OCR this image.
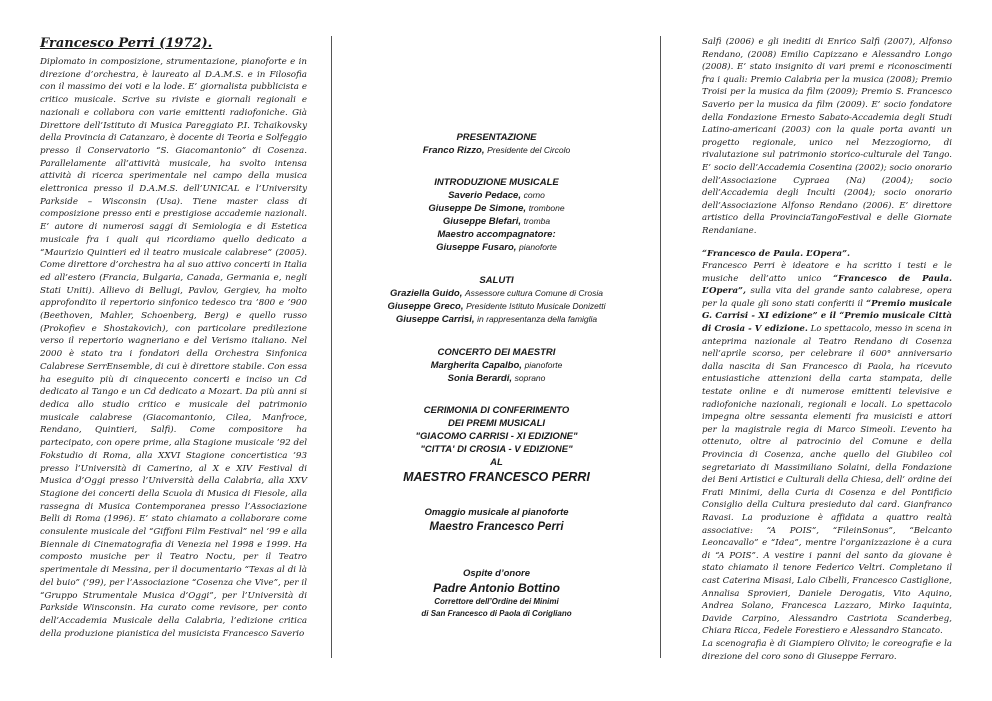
Francesco Perri (1972).

Diplomato in composizione, strumentazione, pianoforte e in direzione d’orchestra, è laureato al D.A.M.S. e in Filosofia con il massimo dei voti e la lode. E’ giornalista pubblicista e critico musicale. Scrive su riviste e giornali regionali e nazionali e collabora con varie emittenti radiofoniche. Già Direttore dell’Istituto di Musica Pareggiato P.I. Tchaikovsky della Provincia di Catanzaro, è docente di Teoria e Solfeggio presso il Conservatorio “S. Giacomantonio” di Cosenza. Parallelamente all’attività musicale, ha svolto intensa attività di ricerca sperimentale nel campo della musica elettronica presso il D.A.M.S. dell’UNICAL e l’University Parkside – Wisconsin (Usa). Tiene master class di composizione presso enti e prestigiose accademie nazionali. E’ autore di numerosi saggi di Semiologia e di Estetica musicale fra i quali qui ricordiamo quello dedicato a “Maurizio Quintieri ed il teatro musicale calabrese” (2005). Come direttore d’orchestra ha al suo attivo concerti in Italia ed all’estero (Francia, Bulgaria, Canada, Germania e, negli Stati Uniti). Allievo di Bellugi, Pavlov, Gergiev, ha molto approfondito il repertorio sinfonico tedesco tra ’800 e ’900 (Beethoven, Mahler, Schoenberg, Berg) e quello russo (Prokofiev e Shostakovich), con particolare predilezione verso il repertorio wagneriano e del Verismo italiano. Nel 2000 è stato tra i fondatori della Orchestra Sinfonica Calabrese SerrEnsemble, di cui è direttore stabile. Con essa ha eseguito più di cinquecento concerti e inciso un Cd dedicato al Tango e un Cd dedicato a Mozart. Da più anni si dedica allo studio critico e musicale del patrimonio musicale calabrese (Giacomantonio, Cilea, Manfroce, Rendano, Quintieri, Salfi). Come compositore ha partecipato, con opere prime, alla Stagione musicale ’92 del Fokstudio di Roma, alla XXVI Stagione concertistica ’93 presso l’Università di Camerino, al X e XIV Festival di Musica d’Oggi presso l’Università della Calabria, alla XXV Stagione dei concerti della Scuola di Musica di Fiesole, alla rassegna di Musica Contemporanea presso l’Associazione Belli di Roma (1996). E’ stato chiamato a collaborare come consulente musicale del “Giffoni Film Festival” nel ’99 e alla Biennale di Cinematografia di Venezia nel 1998 e 1999. Ha composto musiche per il Teatro Noctu, per il Teatro sperimentale di Messina, per il documentario “Texas al di là del buio” (’99), per l’Associazione “Cosenza che Vive”, per il “Gruppo Strumentale Musica d’Oggi”, per l’Università di Parkside Winsconsin. Ha curato come revisore, per conto dell’Accademia Musicale della Calabria, l’edizione critica della produzione pianistica del musicista Francesco Saverio

PRESENTAZIONE

Franco Rizzo, Presidente del Circolo

INTRODUZIONE MUSICALE

Saverio Pedace, corno

Giuseppe De Simone, trombone

Giuseppe Blefari, tromba

Maestro accompagnatore:

Giuseppe Fusaro, pianoforte

SALUTI

Graziella Guido, Assessore cultura Comune di Crosia

Giuseppe Greco, Presidente Istituto Musicale Donizetti

Giuseppe Carrisi, in rappresentanza della famiglia

CONCERTO DEI MAESTRI

Margherita Capalbo, pianoforte

Sonia Berardi, soprano

CERIMONIA DI CONFERIMENTO

DEI PREMI MUSICALI

"GIACOMO CARRISI - XI EDIZIONE"

"CITTA' DI CROSIA - V EDIZIONE"

AL

MAESTRO FRANCESCO PERRI

Omaggio musicale al pianoforte

Maestro Francesco Perri

Ospite d’onore

Padre Antonio Bottino

Correttore dell’Ordine dei Minimi

di San Francesco di Paola di Corigliano

Salfi (2006) e gli inediti di Enrico Salfi (2007), Alfonso Rendano, (2008) Emilio Capizzano e Alessandro Longo (2008). E’ stato insignito di vari premi e riconoscimenti fra i quali: Premio Calabria per la musica (2008); Premio Troisi per la musica da film (2009); Premio S. Francesco Saverio per la musica da film (2009). E’ socio fondatore della Fondazione Ernesto Sabato-Accademia degli Studi Latino-americani (2003) con la quale porta avanti un progetto regionale, unico nel Mezzogiorno, di rivalutazione sul patrimonio storico-culturale del Tango. E’ socio dell’Accademia Cosentina (2002); socio onorario dell’Associazione Cypraea (Na) (2004); socio dell’Accademia degli Inculti (2004); socio onorario dell’Associazione Alfonso Rendano (2006). E’ direttore artistico della ProvinciaTangoFestival e delle Giornate Rendaniane.

“Francesco de Paula. L’Opera”.

Francesco Perri è ideatore e ha scritto i testi e le musiche dell’atto unico “Francesco de Paula. L’Opera”, sulla vita del grande santo calabrese, opera per la quale gli sono stati conferiti il “Premio musicale G. Carrisi - XI edizione” e il “Premio musicale Città di Crosia - V edizione. Lo spettacolo, messo in scena in anteprima nazionale al Teatro Rendano di Cosenza nell’aprile scorso, per celebrare il 600° anniversario dalla nascita di San Francesco di Paola, ha ricevuto entusiastiche attenzioni della carta stampata, delle testate online e di numerose emittenti televisive e radiofoniche nazionali, regionali e locali. Lo spettacolo impegna oltre sessanta elementi fra musicisti e attori per la magistrale regia di Marco Simeoli. L’evento ha ottenuto, oltre al patrocinio del Comune e della Provincia di Cosenza, anche quello del Giubileo col segretariato di Massimiliano Solaini, della Fondazione dei Beni Artistici e Culturali della Chiesa, dell’ ordine dei Frati Minimi, della Curia di Cosenza e del Pontificio Consiglio della Cultura presieduto dal card. Gianfranco Ravasi. La produzione è affidata a quattro realtà associative: “A POIS”, “FileinSonus”, “Belcanto Leoncavallo” e “Idea”, mentre l’organizzazione è a cura di “A POIS”. A vestire i panni del santo da giovane è stato chiamato il tenore Federico Veltri. Completano il cast Caterina Misasi, Lalo Cibelli, Francesco Castiglione, Annalisa Sprovieri, Daniele Derogatis, Vito Aquino, Andrea Solano, Francesca Lazzaro, Mirko Iaquinta, Davide Carpino, Alessandro Castriota Scanderbeg, Chiara Ricca, Fedele Forestiero e Alessandro Stancato.

La scenografia è di Giampiero Olivito; le coreografie e la direzione del coro sono di Giuseppe Ferraro.
